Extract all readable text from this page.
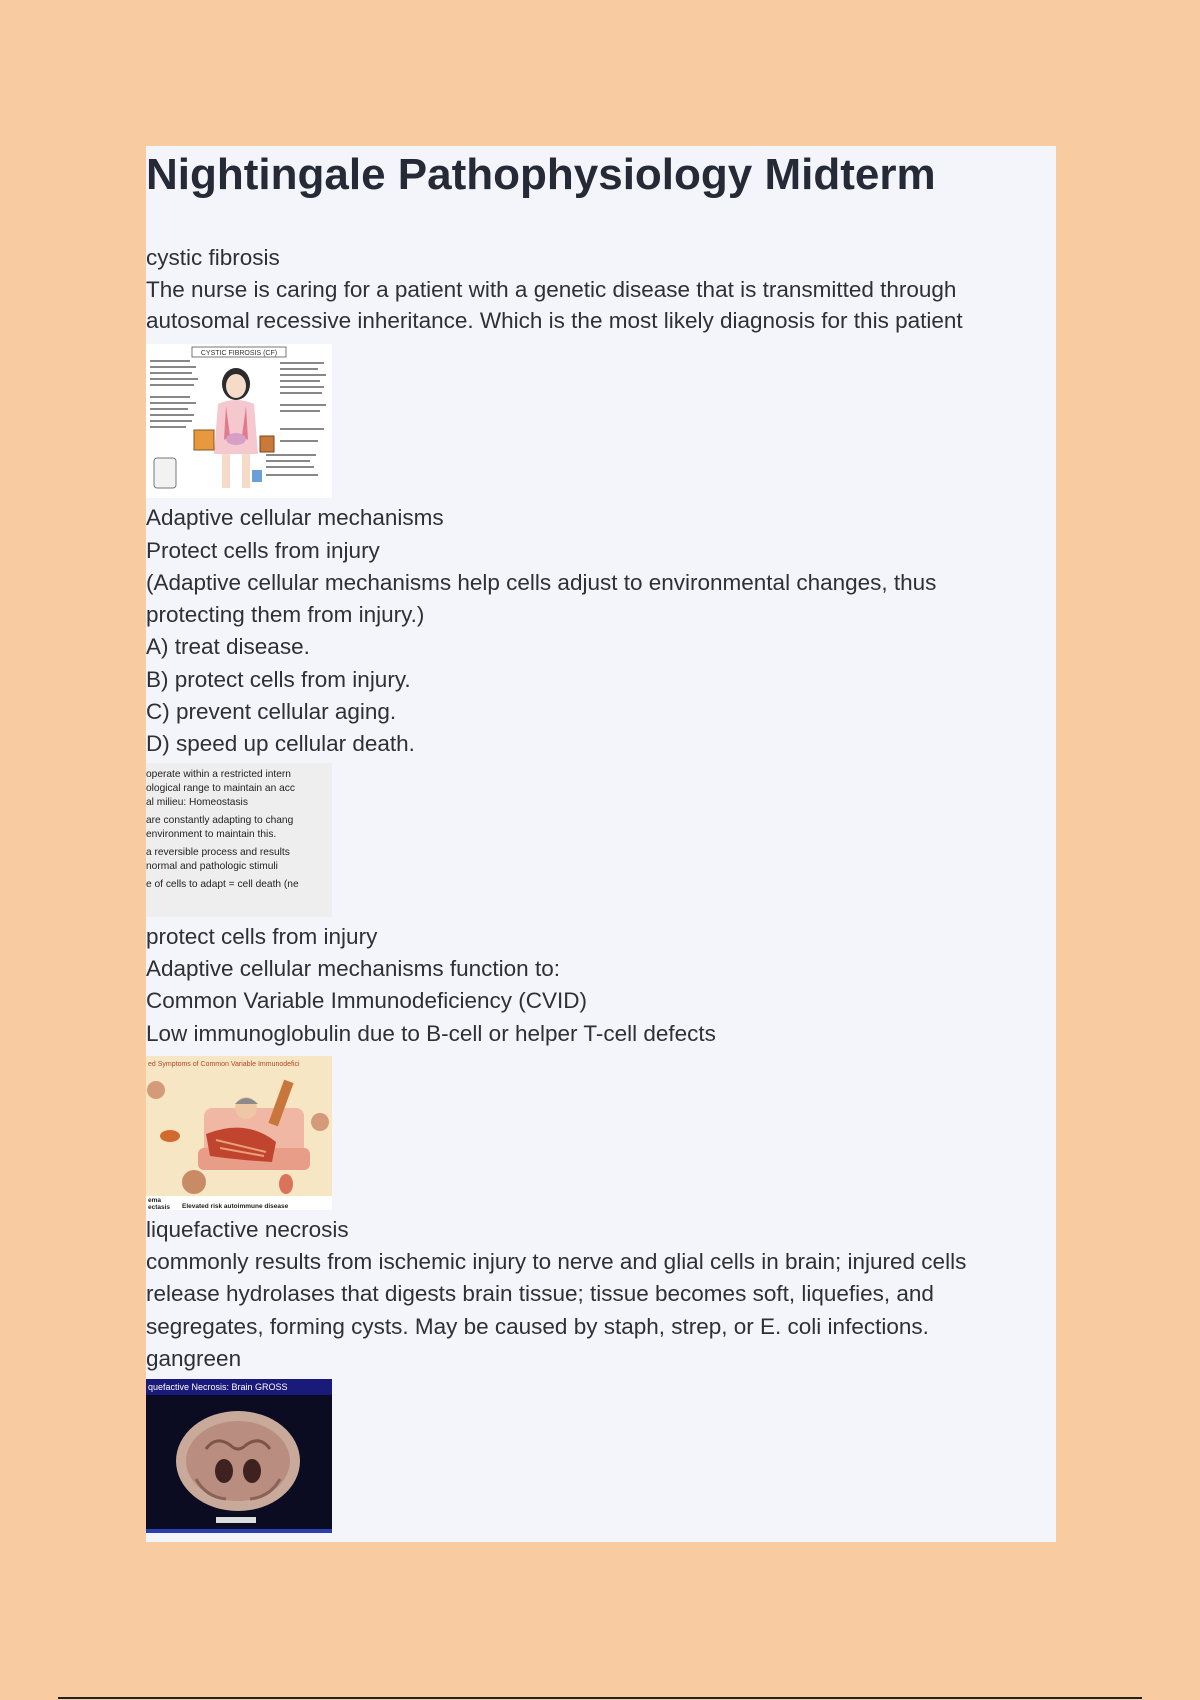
Nightingale Pathophysiology Midterm
cystic fibrosis
The nurse is caring for a patient with a genetic disease that is transmitted through
autosomal recessive inheritance. Which is the most likely diagnosis for this patient
CYSTIC FIBROSIS (CF)
Adaptive cellular mechanisms
Protect cells from injury
(Adaptive cellular mechanisms help cells adjust to environmental changes, thus
protecting them from injury.)
A) treat disease.
B) protect cells from injury.
C) prevent cellular aging.
D) speed up cellular death.
operate within a restricted intern
ological range to maintain an acc
al milieu: Homeostasis
are constantly adapting to chang
environment to maintain this.
a reversible process and results
normal and pathologic stimuli
e of cells to adapt = cell death (ne
protect cells from injury
Adaptive cellular mechanisms function to:
Common Variable Immunodeficiency (CVID)
Low immunoglobulin due to B-cell or helper T-cell defects
ed Symptoms of Common Variable Immunodefici
ema
ectasis Elevated risk autoimmune disease
liquefactive necrosis
commonly results from ischemic injury to nerve and glial cells in brain; injured cells
release hydrolases that digests brain tissue; tissue becomes soft, liquefies, and
segregates, forming cysts. May be caused by staph, strep, or E. coli infections.
gangreen
quefactive Necrosis: Brain GROSS
